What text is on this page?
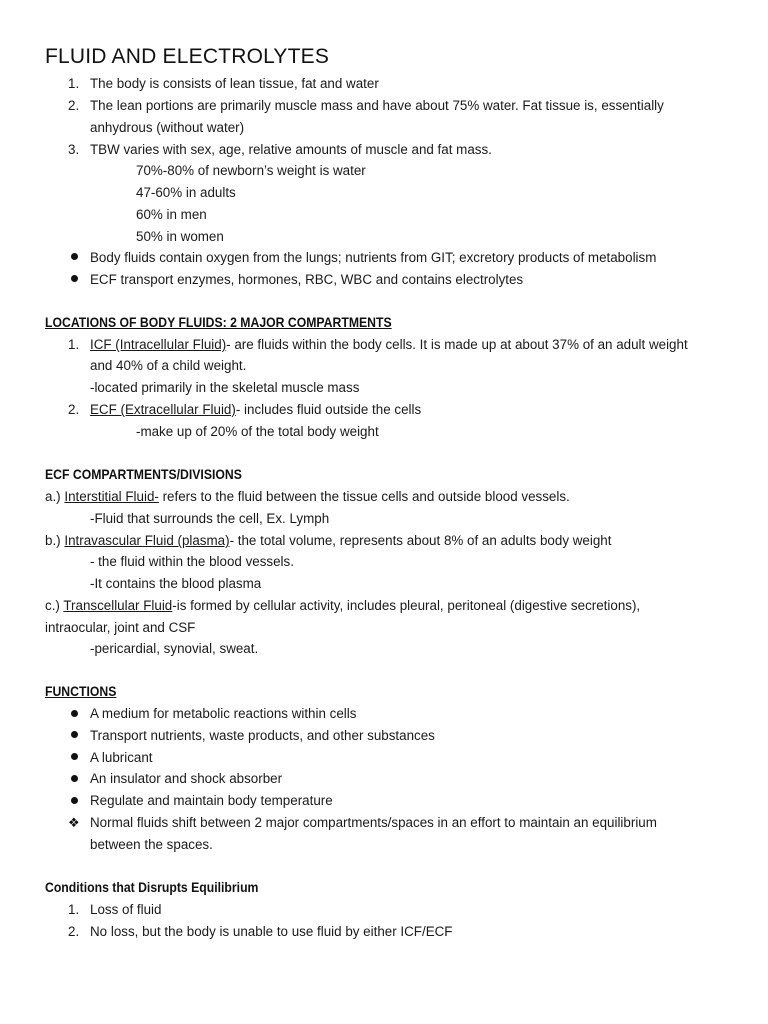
FLUID AND ELECTROLYTES
1. The body is consists of lean tissue, fat and water
2. The lean portions are primarily muscle mass and have about 75% water. Fat tissue is, essentially
anhydrous (without water)
3. TBW varies with sex, age, relative amounts of muscle and fat mass.
70%-80% of newborn’s weight is water
47-60% in adults
60% in men
50% in women
Body fluids contain oxygen from the lungs; nutrients from GIT; excretory products of metabolism
ECF transport enzymes, hormones, RBC, WBC and contains electrolytes
LOCATIONS OF BODY FLUIDS: 2 MAJOR COMPARTMENTS
1. ICF (Intracellular Fluid)- are fluids within the body cells. It is made up at about 37% of an adult weight
and 40% of a child weight.
-located primarily in the skeletal muscle mass
2. ECF (Extracellular Fluid)- includes fluid outside the cells
-make up of 20% of the total body weight
ECF COMPARTMENTS/DIVISIONS
a.) Interstitial Fluid- refers to the fluid between the tissue cells and outside blood vessels.
-Fluid that surrounds the cell, Ex. Lymph
b.) Intravascular Fluid (plasma)- the total volume, represents about 8% of an adults body weight
- the fluid within the blood vessels.
-It contains the blood plasma
c.) Transcellular Fluid-is formed by cellular activity, includes pleural, peritoneal (digestive secretions),
intraocular, joint and CSF
-pericardial, synovial, sweat.
FUNCTIONS
A medium for metabolic reactions within cells
Transport nutrients, waste products, and other substances
A lubricant
An insulator and shock absorber
Regulate and maintain body temperature
❖ Normal fluids shift between 2 major compartments/spaces in an effort to maintain an equilibrium
between the spaces.
Conditions that Disrupts Equilibrium
1. Loss of fluid
2. No loss, but the body is unable to use fluid by either ICF/ECF
